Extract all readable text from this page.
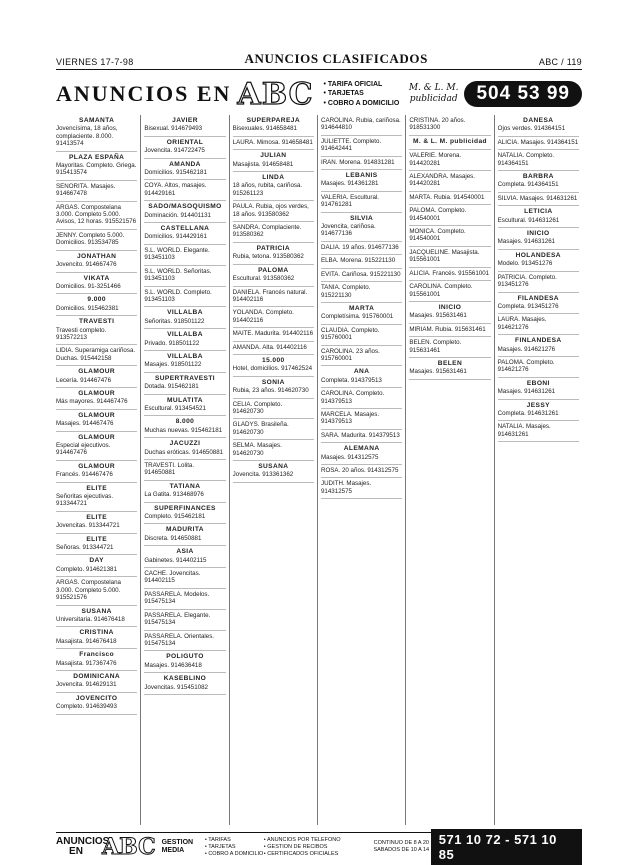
VIERNES 17-7-98	ANUNCIOS CLASIFICADOS	ABC / 119
ANUNCIOS EN ABC • TARIFA OFICIAL
• TARJETAS
• COBRO A DOMICILIO
M. & L. M.
publicidad 504 53 99
SAMANTA
Jovencísima, 18 años, complaciente. 8.000. 91413574
PLAZA ESPAÑA
Mayoritas. Completo. Griega. 915413574
SENORITA. Masajes. 914667478
ARGAS. Compostelana 3.000. Completo 5.000. Avisos, 12 horas. 915521576
JENNY. Completo 5.000. Domicilios. 913534785
JONATHAN
Jovencito. 914667476
VIKATA
Domicilios. 91-3251466
9.000
Domicilios. 915462381
TRAVESTI
Travesti completo. 913572213
LIDIA. Superamiga cariñosa. Duchas. 915442158
GLAMOUR
Lecería. 914467476
GLAMOUR
Más mayores. 914467476
GLAMOUR
Masajes. 914467476
GLAMOUR
Especial ejecutivos. 914467476
GLAMOUR
Francés. 914467476
ELITE
Señoritas ejecutivas. 913344721
ELITE
Jovencitas. 913344721
ELITE
Señoras. 913344721
DAY
Completo. 914621381
ARGAS. Compostelana 3.000. Completo 5.000. 915521576
SUSANA
Universitaria. 914676418
CRISTINA
Masajista. 914676418
Francisco
Masajista. 917367476
DOMINICANA
Jovencita. 914629131
JOVENCITO
Completo. 914639493
JAVIER
Bisexual. 914679493
ORIENTAL
Jovencita. 914722475
AMANDA
Domicilios. 915462181
COYA. Altos, masajes. 914429161
SADO/MASOQUISMO
Dominación. 914401131
CASTELLANA
Domicilios. 914429161
S.L. WORLD. Elegante. 913451103
S.L. WORLD. Señoritas. 913451103
S.L. WORLD. Completo. 913451103
VILLALBA
Señoritas. 918501122
VILLALBA
Privado. 918501122
VILLALBA
Masajes. 918501122
SUPERTRAVESTI
Dotada. 915462181
MULATITA
Escultural. 913454521
8.000
Muchas nuevas. 915462181
JACUZZI
Duchas eróticas. 914650881
TRAVESTI. Lolita. 914650881
TATIANA
La Gatita. 913468976
SUPERFINANCES
Completo. 915462181
MADURITA
Discreta. 914650881
ASIA
Gabinetes. 914402115
CACHE. Jovencitas. 914402115
PASSARELA. Modelos. 915475134
PASSARELA. Elegante. 915475134
PASSARELA. Orientales. 915475134
POLIGUTO
Masajes. 914636418
KASEBLINO
Jovencitas. 915451082
SUPERPAREJA
Bisexuales. 914658481
LAURA. Mimosa. 914658481
JULIAN
Masajista. 914658481
LINDA
18 años, rubita, cariñosa. 915261123
PAULA. Rubia, ojos verdes, 18 años. 913580362
SANDRA. Complaciente. 913580362
PATRICIA
Rubia, tetona. 913580362
PALOMA
Escultural. 913580362
DANIELA. Francés natural. 914402116
YOLANDA. Completo. 914402116
MAITE. Madurita. 914402116
AMANDA. Alta. 914402116
15.000
Hotel, domicilios. 917462524
SONIA
Rubia, 23 años. 914620730
CELIA. Completo. 914620730
GLADYS. Brasileña. 914620730
SELMA. Masajes. 914620730
SUSANA
Jovencita. 913361362
CAROLINA. Rubia, cariñosa. 914644810
JULIETTE. Completo. 914642441
IRAN. Morena. 914831281
LEBANIS
Masajes. 914361281
VALERIA. Escultural. 914761281
SILVIA
Jovencita, cariñosa. 914677136
DALIA. 19 años. 914677136
ELBA. Morena. 915221130
EVITA. Cariñosa. 915221130
TANIA. Completo. 915221130
MARTA
Completísima. 915760001
CLAUDIA. Completo. 915760001
CAROLINA. 23 años. 915760001
ANA
Completa. 914379513
CAROLINA. Completo. 914379513
MARCELA. Masajes. 914379513
SARA. Madurita. 914379513
ALEMANA
Masajes. 914312575
ROSA. 20 años. 914312575
JUDITH. Masajes. 914312575
CRISTINA. 20 años. 918531300
M. & L. M. publicidad
VALERIE. Morena. 914420281
ALEXANDRA. Masajes. 914420281
MARTA. Rubia. 914540001
PALOMA. Completo. 914540001
MONICA. Completo. 914540001
JACQUELINE. Masajista. 915561001
ALICIA. Francés. 915561001
CAROLINA. Completo. 915561001
INICIO
Masajes. 915631461
MIRIAM. Rubia. 915631461
BELEN. Completo. 915631461
BELEN
Masajes. 915631461
DANESA
Ojos verdes. 914364151
ALICIA. Masajes. 914364151
NATALIA. Completo. 914364151
BARBRA
Completa. 914364151
SILVIA. Masajes. 914631261
LETICIA
Escultural. 914631261
INICIO
Masajes. 914631261
HOLANDESA
Modelo. 913451276
PATRICIA. Completo. 913451276
FILANDESA
Completa. 913451276
LAURA. Masajes. 914621276
FINLANDESA
Masajes. 914621276
PALOMA. Completo. 914621276
EBONI
Masajes. 914631261
JESSY
Completa. 914631261
NATALIA. Masajes. 914631261
ANUNCIOS EN ABC GESTION
MEDIA
• TARIFAS
• TARJETAS
• COBRO A DOMICILIO
• ANUNCIOS POR TELEFONO
• GESTION DE RECIBOS
• CERTIFICADOS OFICIALES
CONTINUO DE 8 A 20
SABADOS DE 10 A 14
571 10 72 - 571 10 85
